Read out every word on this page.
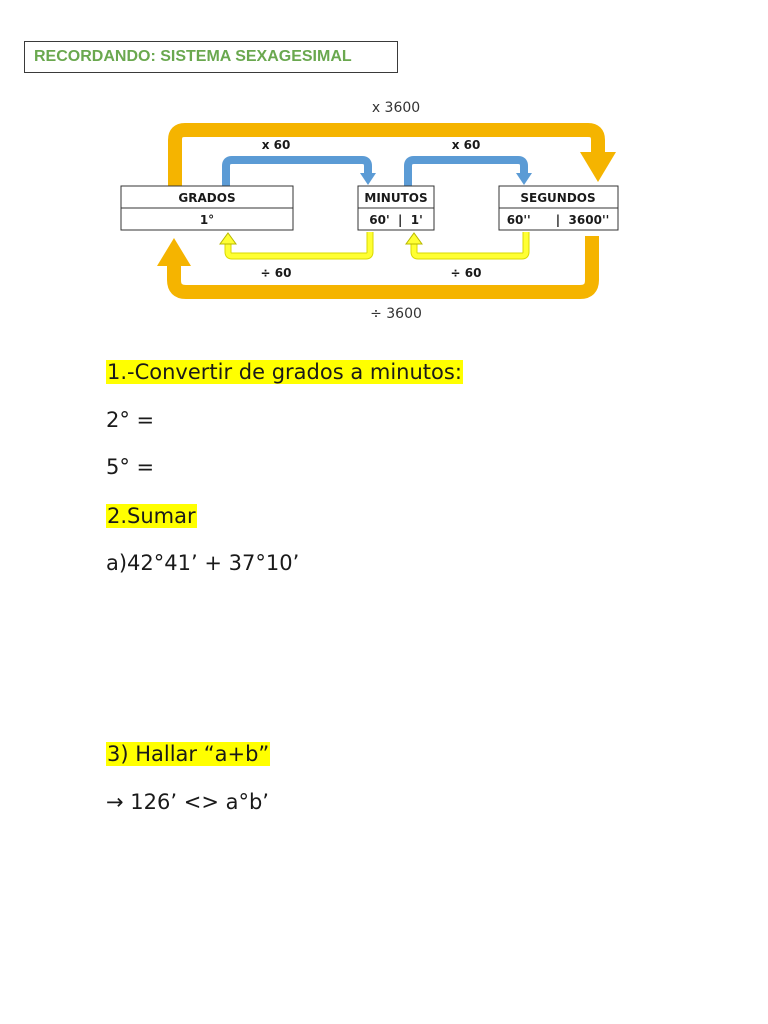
RECORDANDO: SISTEMA SEXAGESIMAL
GRADOS
1°
MINUTOS
60'  |  1'
SEGUNDOS
60''      |  3600''
x 3600
x 60	x 60
÷ 60	÷ 60
÷ 3600
1.-Convertir de grados a minutos:
2° =
5° =
2.Sumar
a)42°41’ + 37°10’
3) Hallar “a+b”
→ 126’ <> a°b’
